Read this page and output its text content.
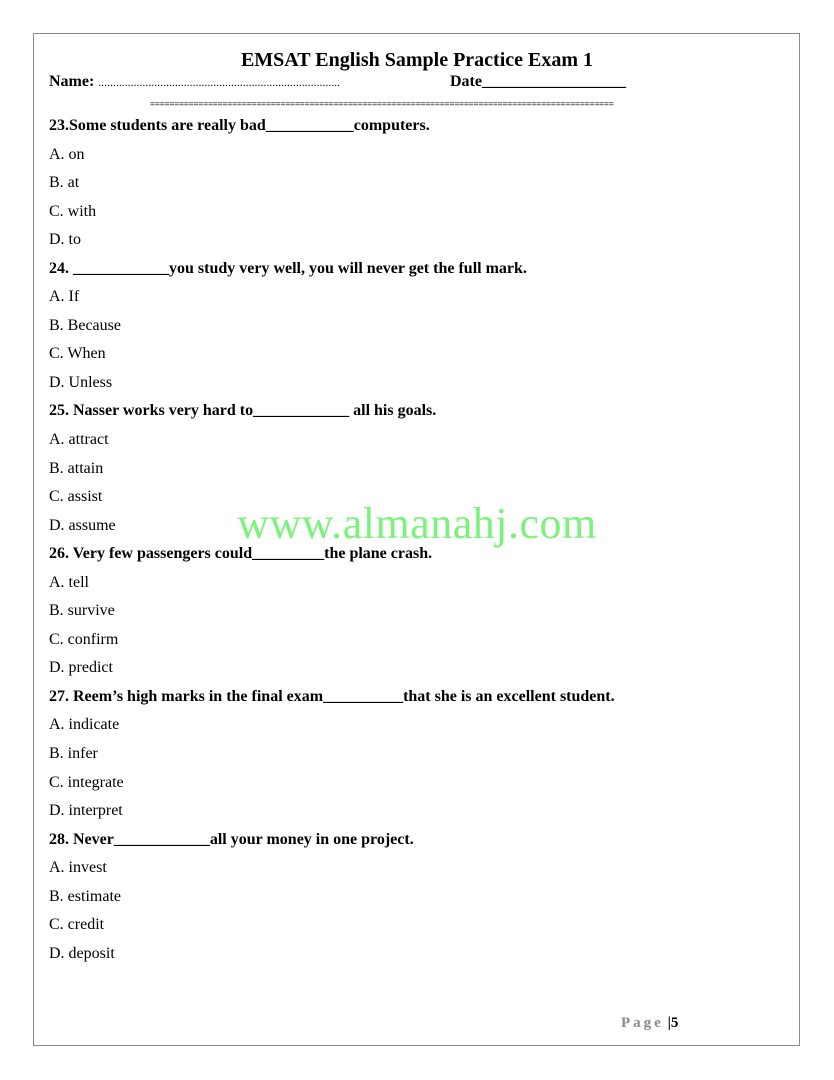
EMSAT English Sample Practice Exam 1
Name: ..................................................................................	Date__________________
================================================================================================
23.Some students are really bad___________computers.
A. on
B. at
C. with
D. to
24. ____________you study very well, you will never get the full mark.
A. If
B. Because
C. When
D. Unless
25. Nasser works very hard to____________ all his goals.
A. attract
B. attain
C. assist
D. assume
26. Very few passengers could_________the plane crash.
A. tell
B. survive
C. confirm
D. predict
27. Reem’s high marks in the final exam__________that she is an excellent student.
A. indicate
B. infer
C. integrate
D. interpret
28. Never____________all your money in one project.
A. invest
B. estimate
C. credit
D. deposit
www.almanahj.com
Page |5
